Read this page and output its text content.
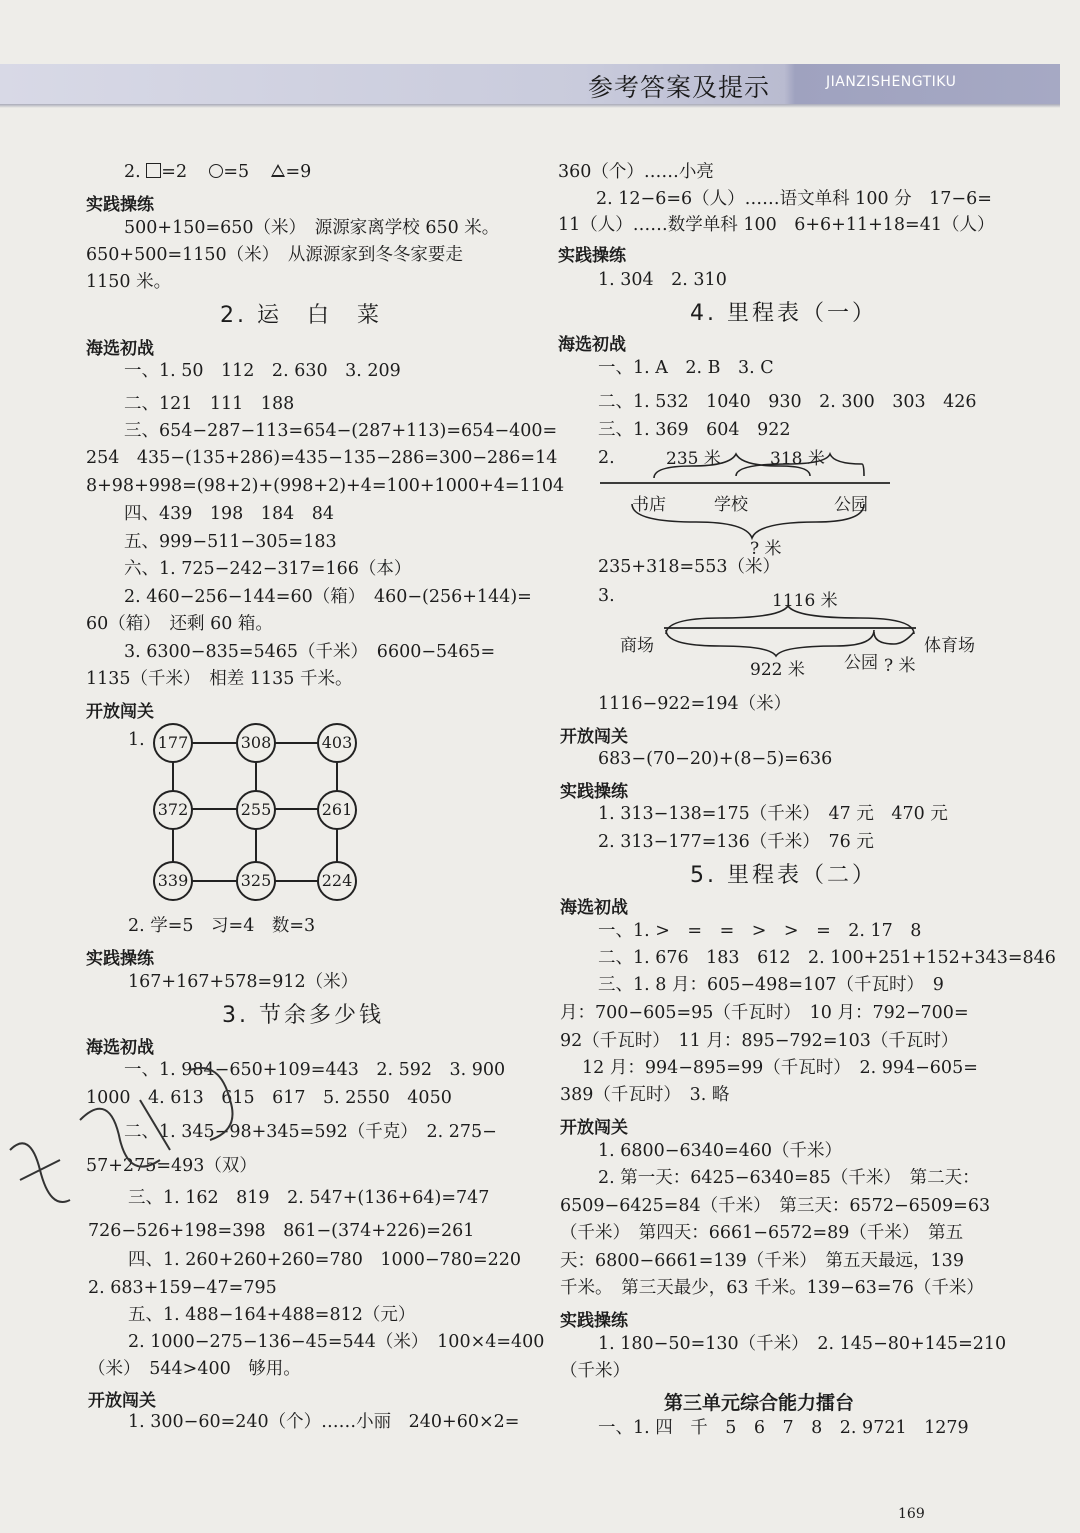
参考答案及提示	JIANZISHENGTIKU
2. =2 =5 =9
实践操练
500+150=650（米）　源源家离学校 650 米。
650+500=1150（米）　从源源家到冬冬家要走
1150 米。
2. 运　白　菜
海选初战
一、1. 50　112　2. 630　3. 209
二、121　111　188
三、654−287−113=654−(287+113)=654−400=
254　435−(135+286)=435−135−286=300−286=14
8+98+998=(98+2)+(998+2)+4=100+1000+4=1104
四、439　198　184　84
五、999−511−305=183
六、1. 725−242−317=166（本）
2. 460−256−144=60（箱）　460−(256+144)=
60（箱）　还剩 60 箱。
3. 6300−835=5465（千米）　6600−5465=
1135（千米）　相差 1135 千米。
开放闯关
1. 177	308	403
372	255	261
339	325	224
2. 学=5　习=4　数=3
实践操练
167+167+578=912（米）
3. 节余多少钱
海选初战
一、1. 984−650+109=443　2. 592　3. 900
1000　4. 613　615　617　5. 2550　4050
二、1. 345−98+345=592（千克）　2. 275−
57+275=493（双）
三、1. 162　819　2. 547+(136+64)=747
726−526+198=398　861−(374+226)=261
四、1. 260+260+260=780　1000−780=220
2. 683+159−47=795
五、1. 488−164+488=812（元）
2. 1000−275−136−45=544（米）　100×4=400
（米）　544>400　够用。
开放闯关
1. 300−60=240（个）……小丽　240+60×2=
360（个）……小亮
2. 12−6=6（人）……语文单科 100 分　17−6=
11（人）……数学单科 100　6+6+11+18=41（人）
实践操练
1. 304　2. 310
4. 里程表（一）
海选初战
一、1. A　2. B　3. C
二、1. 532　1040　930　2. 300　303　426
三、1. 369　604　922
2.	235 米	318 米
书店	学校	公园
? 米
235+318=553（米）
3.	1116 米
商场	体育场
922 米 公园 ? 米
1116−922=194（米）
开放闯关
683−(70−20)+(8−5)=636
实践操练
1. 313−138=175（千米）　47 元　470 元
2. 313−177=136（千米）　76 元
5. 里程表（二）
海选初战
一、1. >　=　=　>　>　=　2. 17　8
二、1. 676　183　612　2. 100+251+152+343=846
三、1. 8 月：605−498=107（千瓦时）　9
月：700−605=95（千瓦时）　10 月：792−700=
92（千瓦时）　11 月：895−792=103（千瓦时）
12 月：994−895=99（千瓦时）　2. 994−605=
389（千瓦时）　3. 略
开放闯关
1. 6800−6340=460（千米）
2. 第一天：6425−6340=85（千米）　第二天：
6509−6425=84（千米）　第三天：6572−6509=63
（千米）　第四天：6661−6572=89（千米）　第五
天：6800−6661=139（千米）　第五天最远，139
千米。　第三天最少，63 千米。139−63=76（千米）
实践操练
1. 180−50=130（千米）　2. 145−80+145=210
（千米）
第三单元综合能力擂台
一、1. 四　千　5　6　7　8　2. 9721　1279
169
